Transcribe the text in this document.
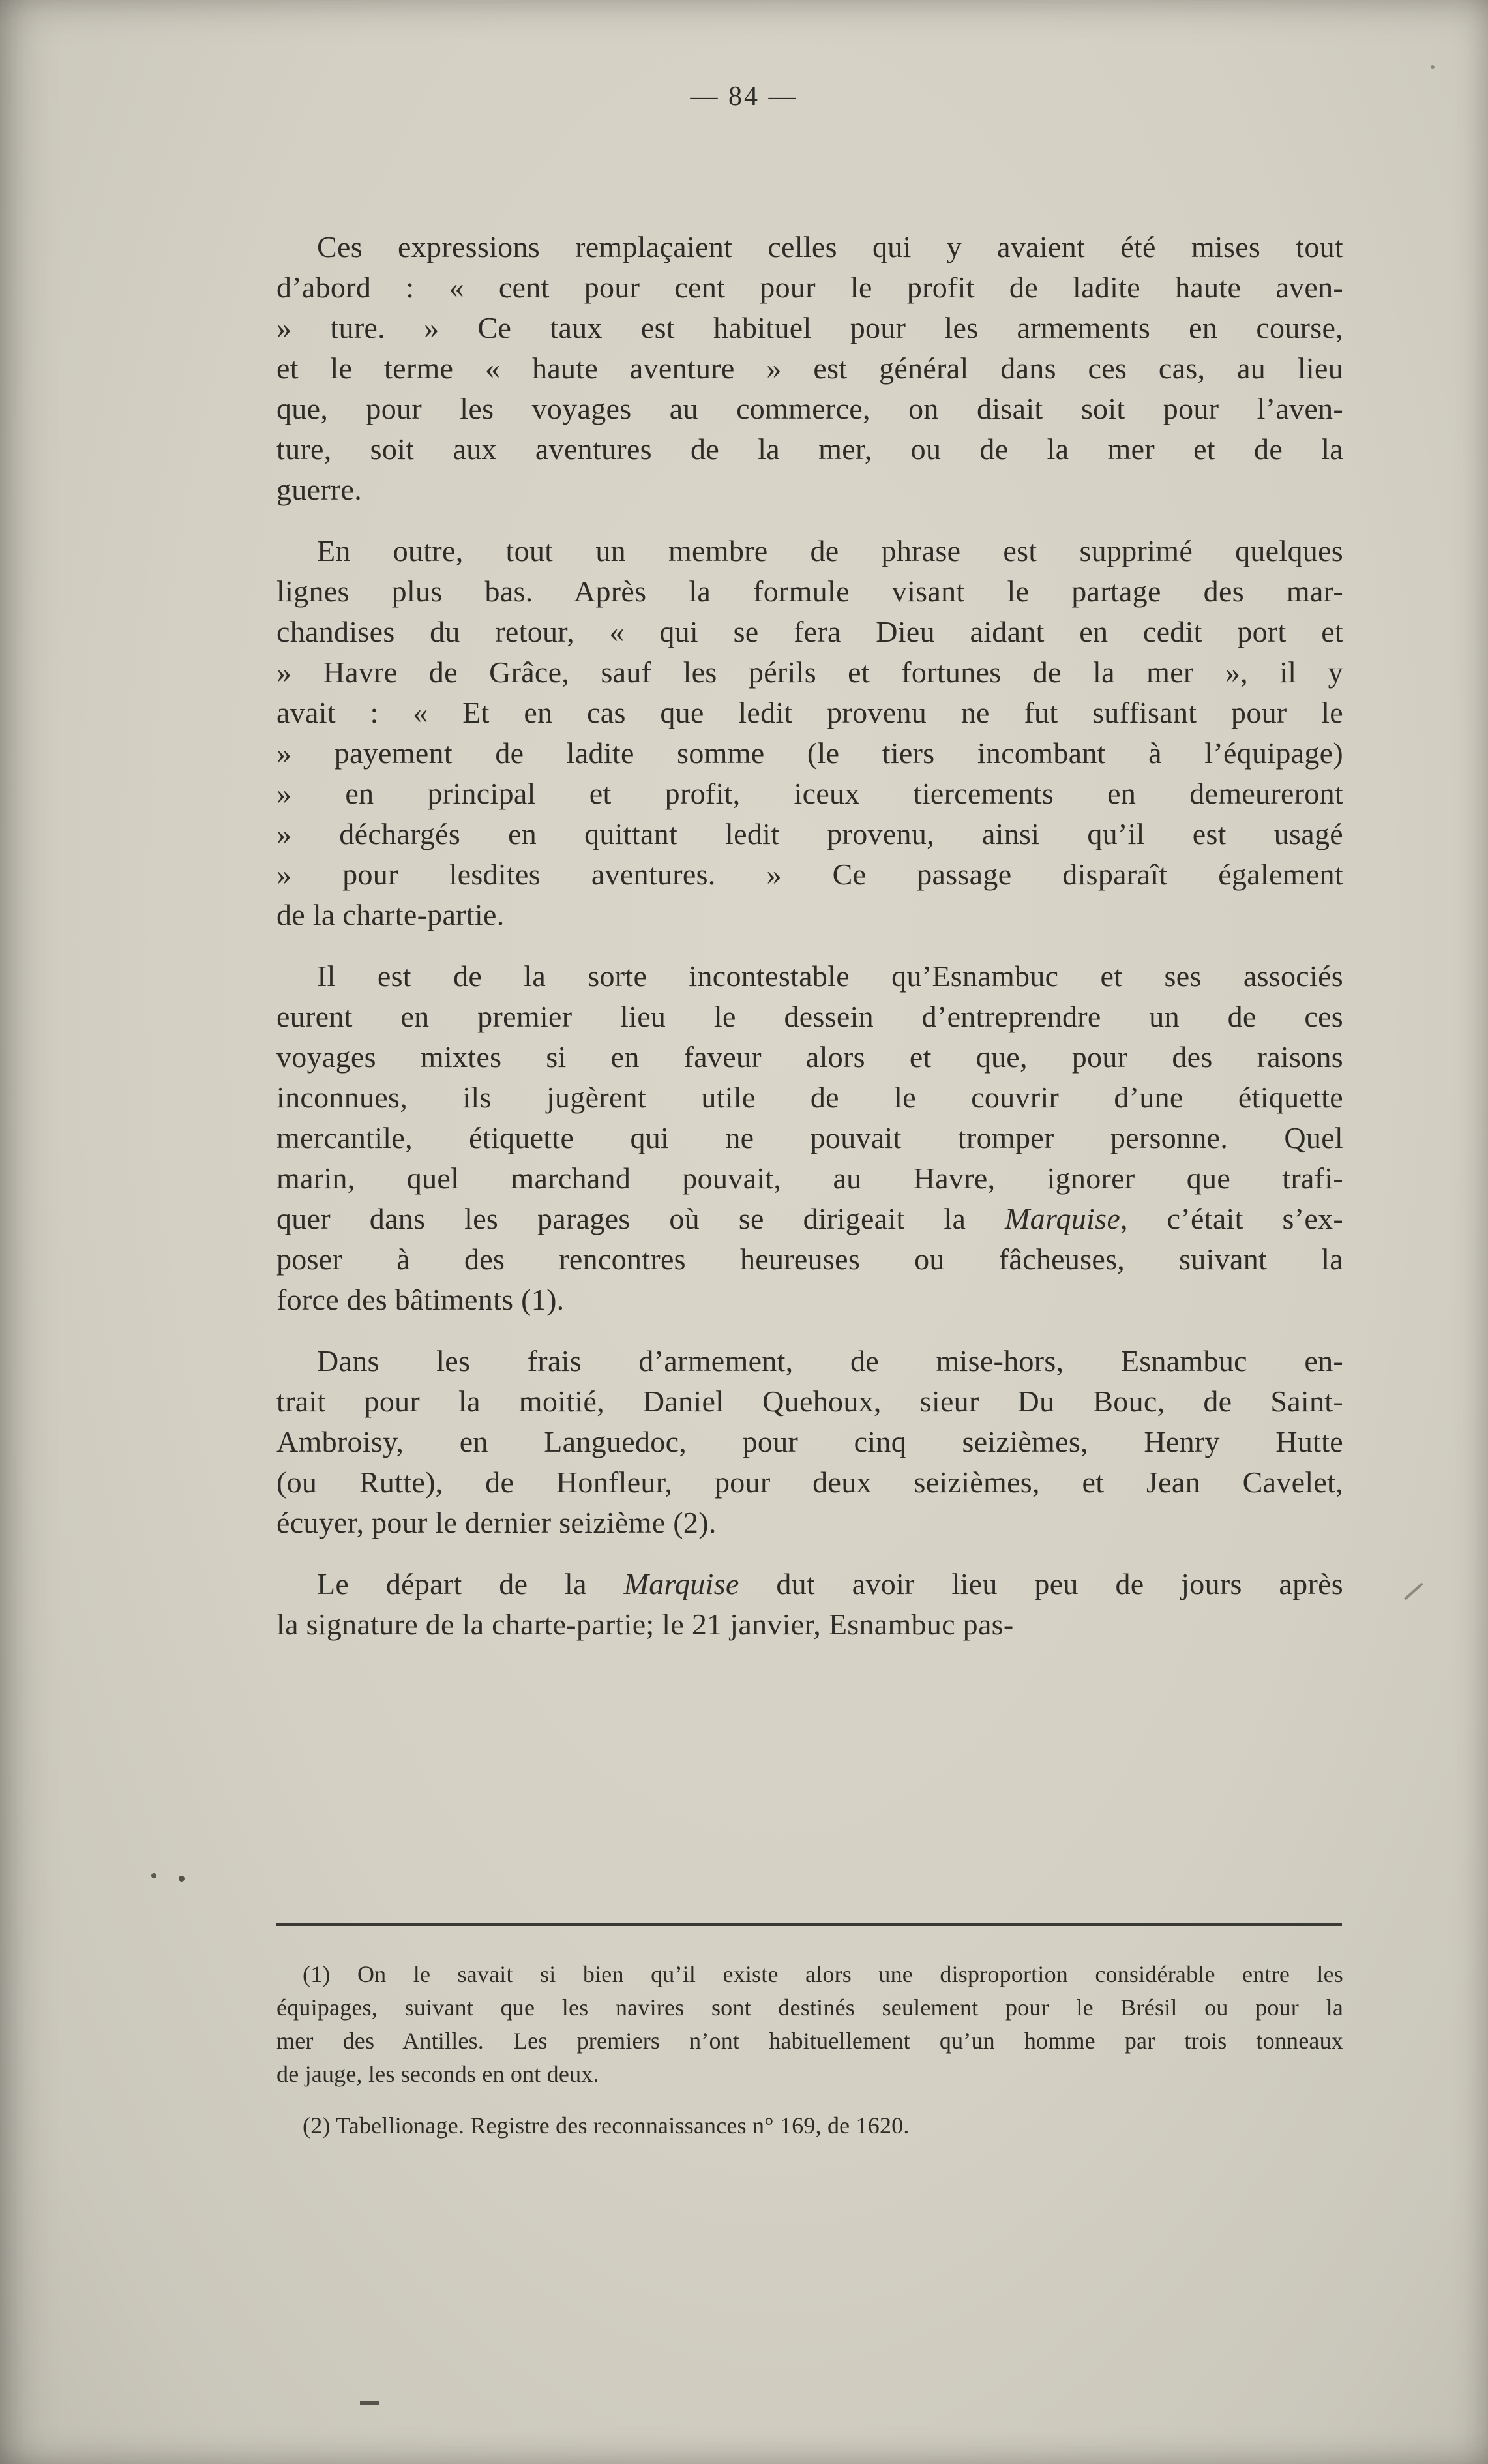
— 84 —
Ces expressions remplaçaient celles qui y avaient été mises tout
d’abord : « cent pour cent pour le profit de ladite haute aven-
» ture. » Ce taux est habituel pour les armements en course,
et le terme « haute aventure » est général dans ces cas, au lieu
que, pour les voyages au commerce, on disait soit pour l’aven-
ture, soit aux aventures de la mer, ou de la mer et de la
guerre.
En outre, tout un membre de phrase est supprimé quelques
lignes plus bas. Après la formule visant le partage des mar-
chandises du retour, « qui se fera Dieu aidant en cedit port et
» Havre de Grâce, sauf les périls et fortunes de la mer », il y
avait : « Et en cas que ledit provenu ne fut suffisant pour le
» payement de ladite somme (le tiers incombant à l’équipage)
» en principal et profit, iceux tiercements en demeureront
» déchargés en quittant ledit provenu, ainsi qu’il est usagé
» pour lesdites aventures. » Ce passage disparaît également
de la charte-partie.
Il est de la sorte incontestable qu’Esnambuc et ses associés
eurent en premier lieu le dessein d’entreprendre un de ces
voyages mixtes si en faveur alors et que, pour des raisons
inconnues, ils jugèrent utile de le couvrir d’une étiquette
mercantile, étiquette qui ne pouvait tromper personne. Quel
marin, quel marchand pouvait, au Havre, ignorer que trafi-
quer dans les parages où se dirigeait la Marquise, c’était s’ex-
poser à des rencontres heureuses ou fâcheuses, suivant la
force des bâtiments (1).
Dans les frais d’armement, de mise-hors, Esnambuc en-
trait pour la moitié, Daniel Quehoux, sieur Du Bouc, de Saint-
Ambroisy, en Languedoc, pour cinq seizièmes, Henry Hutte
(ou Rutte), de Honfleur, pour deux seizièmes, et Jean Cavelet,
écuyer, pour le dernier seizième (2).
Le départ de la Marquise dut avoir lieu peu de jours après
la signature de la charte-partie; le 21 janvier, Esnambuc pas-
(1) On le savait si bien qu’il existe alors une disproportion considérable entre les
équipages, suivant que les navires sont destinés seulement pour le Brésil ou pour la
mer des Antilles. Les premiers n’ont habituellement qu’un homme par trois tonneaux
de jauge, les seconds en ont deux.
(2) Tabellionage. Registre des reconnaissances n° 169, de 1620.
